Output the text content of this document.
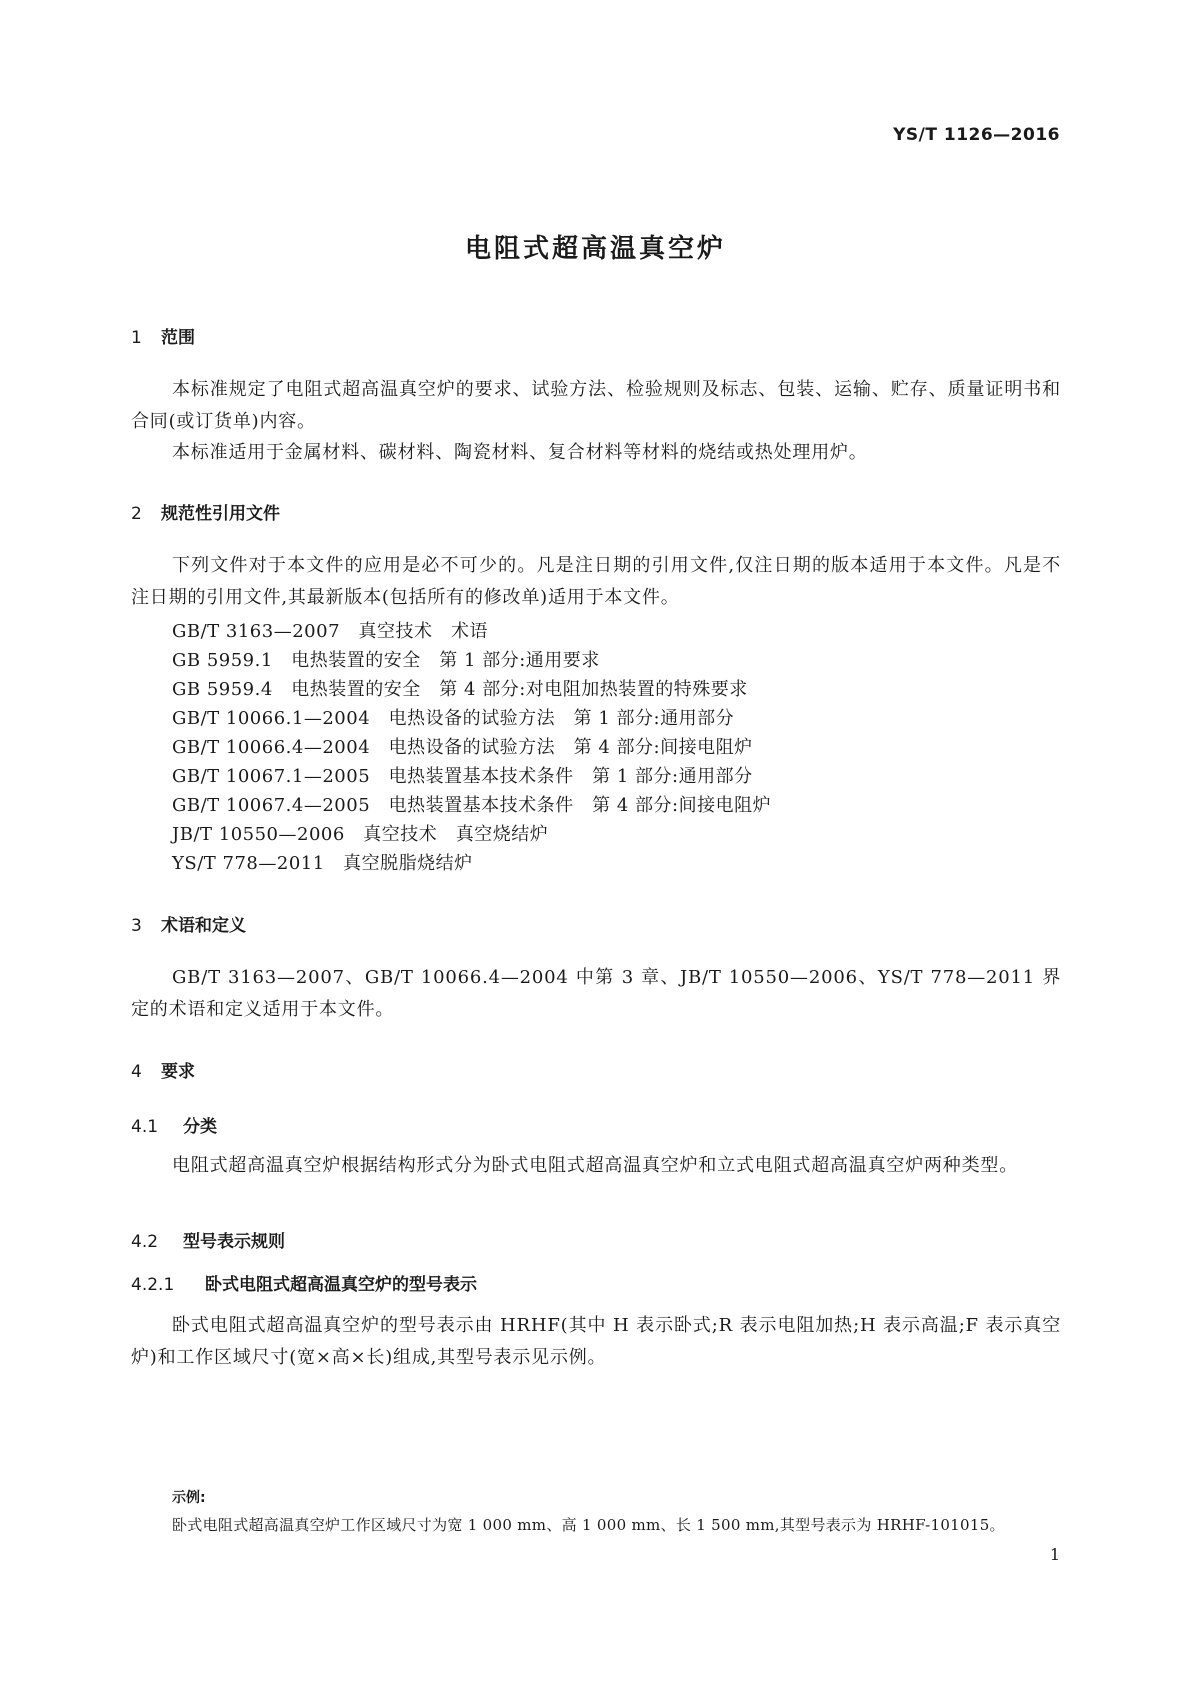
YS/T 1126—2016
电阻式超高温真空炉
1 范围
本标准规定了电阻式超高温真空炉的要求、试验方法、检验规则及标志、包装、运输、贮存、质量证明书和合同(或订货单)内容。
本标准适用于金属材料、碳材料、陶瓷材料、复合材料等材料的烧结或热处理用炉。
2 规范性引用文件
下列文件对于本文件的应用是必不可少的。凡是注日期的引用文件,仅注日期的版本适用于本文件。凡是不注日期的引用文件,其最新版本(包括所有的修改单)适用于本文件。
GB/T 3163—2007　真空技术　术语
GB 5959.1　电热装置的安全　第 1 部分:通用要求
GB 5959.4　电热装置的安全　第 4 部分:对电阻加热装置的特殊要求
GB/T 10066.1—2004　电热设备的试验方法　第 1 部分:通用部分
GB/T 10066.4—2004　电热设备的试验方法　第 4 部分:间接电阻炉
GB/T 10067.1—2005　电热装置基本技术条件　第 1 部分:通用部分
GB/T 10067.4—2005　电热装置基本技术条件　第 4 部分:间接电阻炉
JB/T 10550—2006　真空技术　真空烧结炉
YS/T 778—2011　真空脱脂烧结炉
3 术语和定义
GB/T 3163—2007、GB/T 10066.4—2004 中第 3 章、JB/T 10550—2006、YS/T 778—2011 界定的术语和定义适用于本文件。
4 要求
4.1 分类
电阻式超高温真空炉根据结构形式分为卧式电阻式超高温真空炉和立式电阻式超高温真空炉两种类型。
4.2 型号表示规则
4.2.1 卧式电阻式超高温真空炉的型号表示
卧式电阻式超高温真空炉的型号表示由 HRHF(其中 H 表示卧式;R 表示电阻加热;H 表示高温;F 表示真空炉)和工作区域尺寸(宽×高×长)组成,其型号表示见示例。
示例:
卧式电阻式超高温真空炉工作区域尺寸为宽 1 000 mm、高 1 000 mm、长 1 500 mm,其型号表示为 HRHF-101015。
1
